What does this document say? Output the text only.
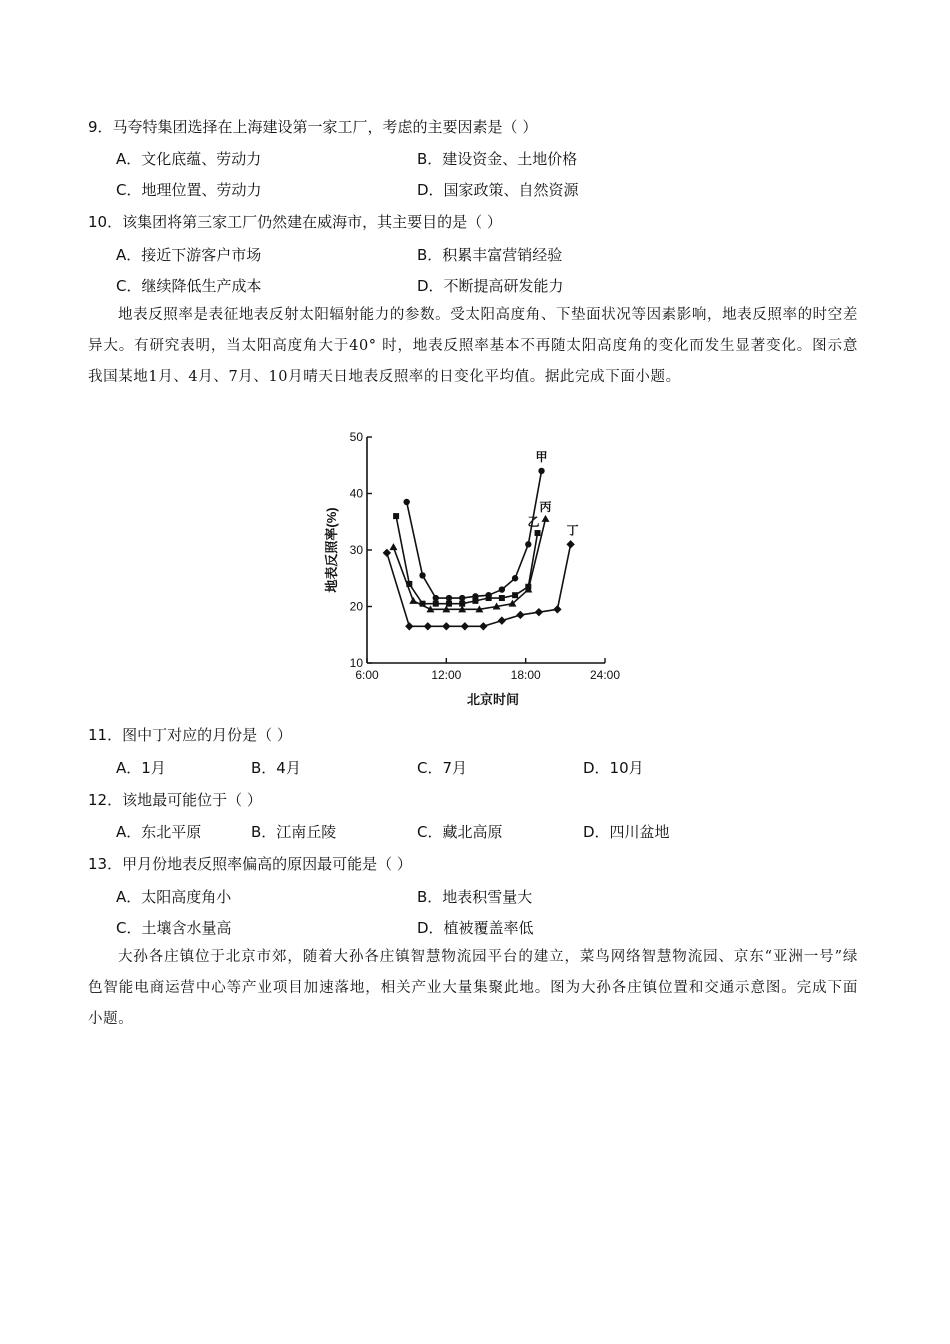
9．马夸特集团选择在上海建设第一家工厂，考虑的主要因素是（ ）
A．文化底蕴、劳动力	B．建设资金、土地价格
C．地理位置、劳动力	D．国家政策、自然资源
10．该集团将第三家工厂仍然建在威海市，其主要目的是（ ）
A．接近下游客户市场	B．积累丰富营销经验
C．继续降低生产成本	D．不断提高研发能力

地表反照率是表征地表反射太阳辐射能力的参数。受太阳高度角、下垫面状况等因素影响，地表反照率的时空差异大。有研究表明，当太阳高度角大于40° 时，地表反照率基本不再随太阳高度角的变化而发生显著变化。图示意我国某地1月、4月、7月、10月晴天日地表反照率的日变化平均值。据此完成下面小题。

10
20
30
40
50
6:00	12:00	18:00	24:00
甲
乙
丙
丁
北京时间
地表反照率(%)
11．图中丁对应的月份是（ ）
A．1月	B．4月	C．7月	D．10月
12．该地最可能位于（ ）
A．东北平原	B．江南丘陵	C．藏北高原	D．四川盆地
13．甲月份地表反照率偏高的原因最可能是（ ）
A．太阳高度角小	B．地表积雪量大
C．土壤含水量高	D．植被覆盖率低

大孙各庄镇位于北京市郊，随着大孙各庄镇智慧物流园平台的建立，菜鸟网络智慧物流园、京东“亚洲一号”绿色智能电商运营中心等产业项目加速落地，相关产业大量集聚此地。图为大孙各庄镇位置和交通示意图。完成下面小题。
